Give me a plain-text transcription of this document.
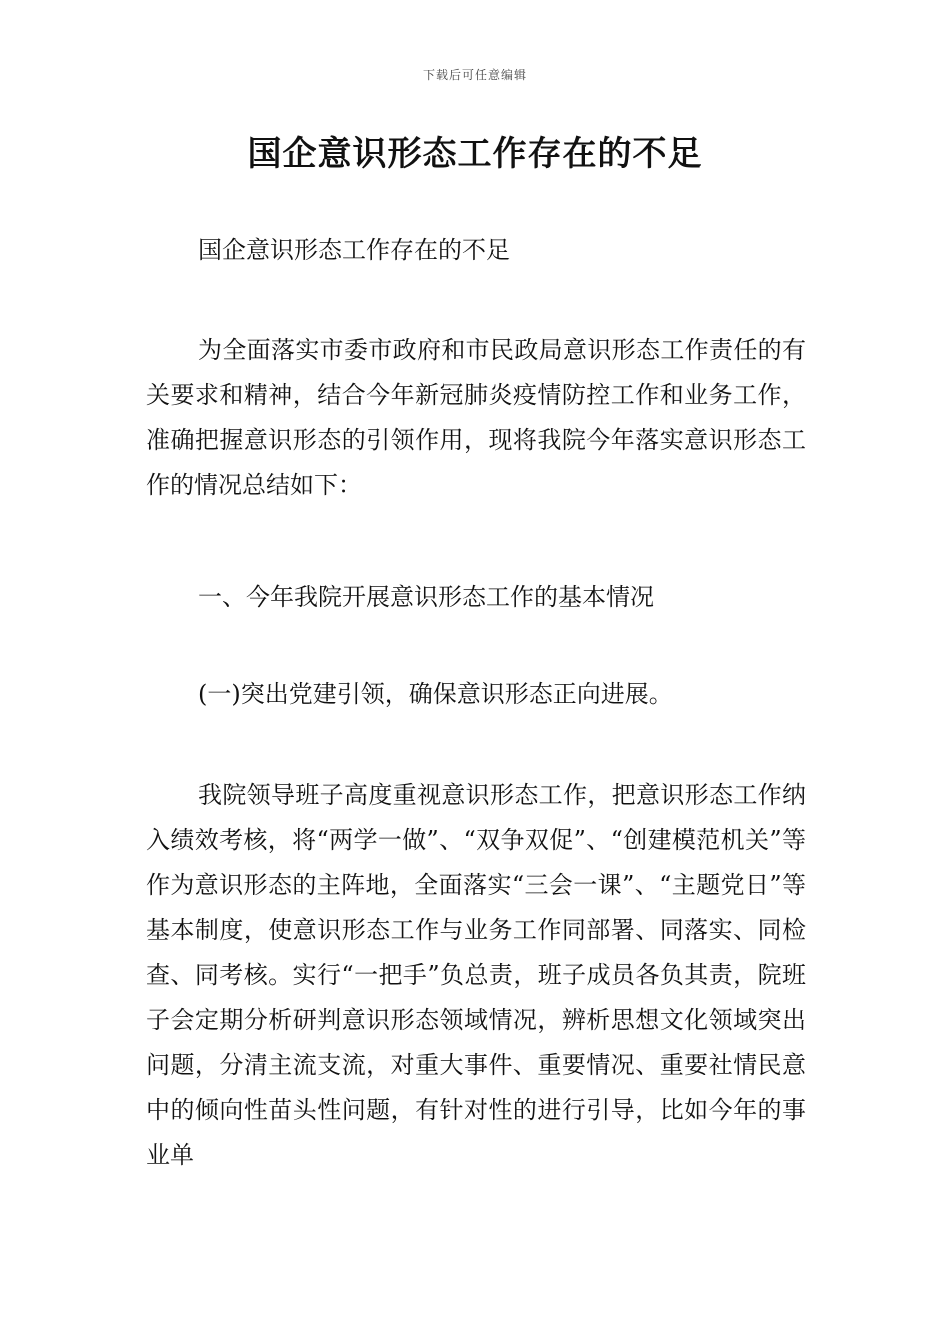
下载后可任意编辑
国企意识形态工作存在的不足

国企意识形态工作存在的不足

为全面落实市委市政府和市民政局意识形态工作责任的有关要求和精神，结合今年新冠肺炎疫情防控工作和业务工作，准确把握意识形态的引领作用，现将我院今年落实意识形态工作的情况总结如下：

一、今年我院开展意识形态工作的基本情况

(一)突出党建引领，确保意识形态正向进展。

我院领导班子高度重视意识形态工作，把意识形态工作纳入绩效考核，将“两学一做”、“双争双促”、“创建模范机关”等作为意识形态的主阵地，全面落实“三会一课”、“主题党日”等基本制度，使意识形态工作与业务工作同部署、同落实、同检查、同考核。实行“一把手”负总责，班子成员各负其责，院班子会定期分析研判意识形态领域情况，辨析思想文化领域突出问题，分清主流支流，对重大事件、重要情况、重要社情民意中的倾向性苗头性问题，有针对性的进行引导，比如今年的事业单
